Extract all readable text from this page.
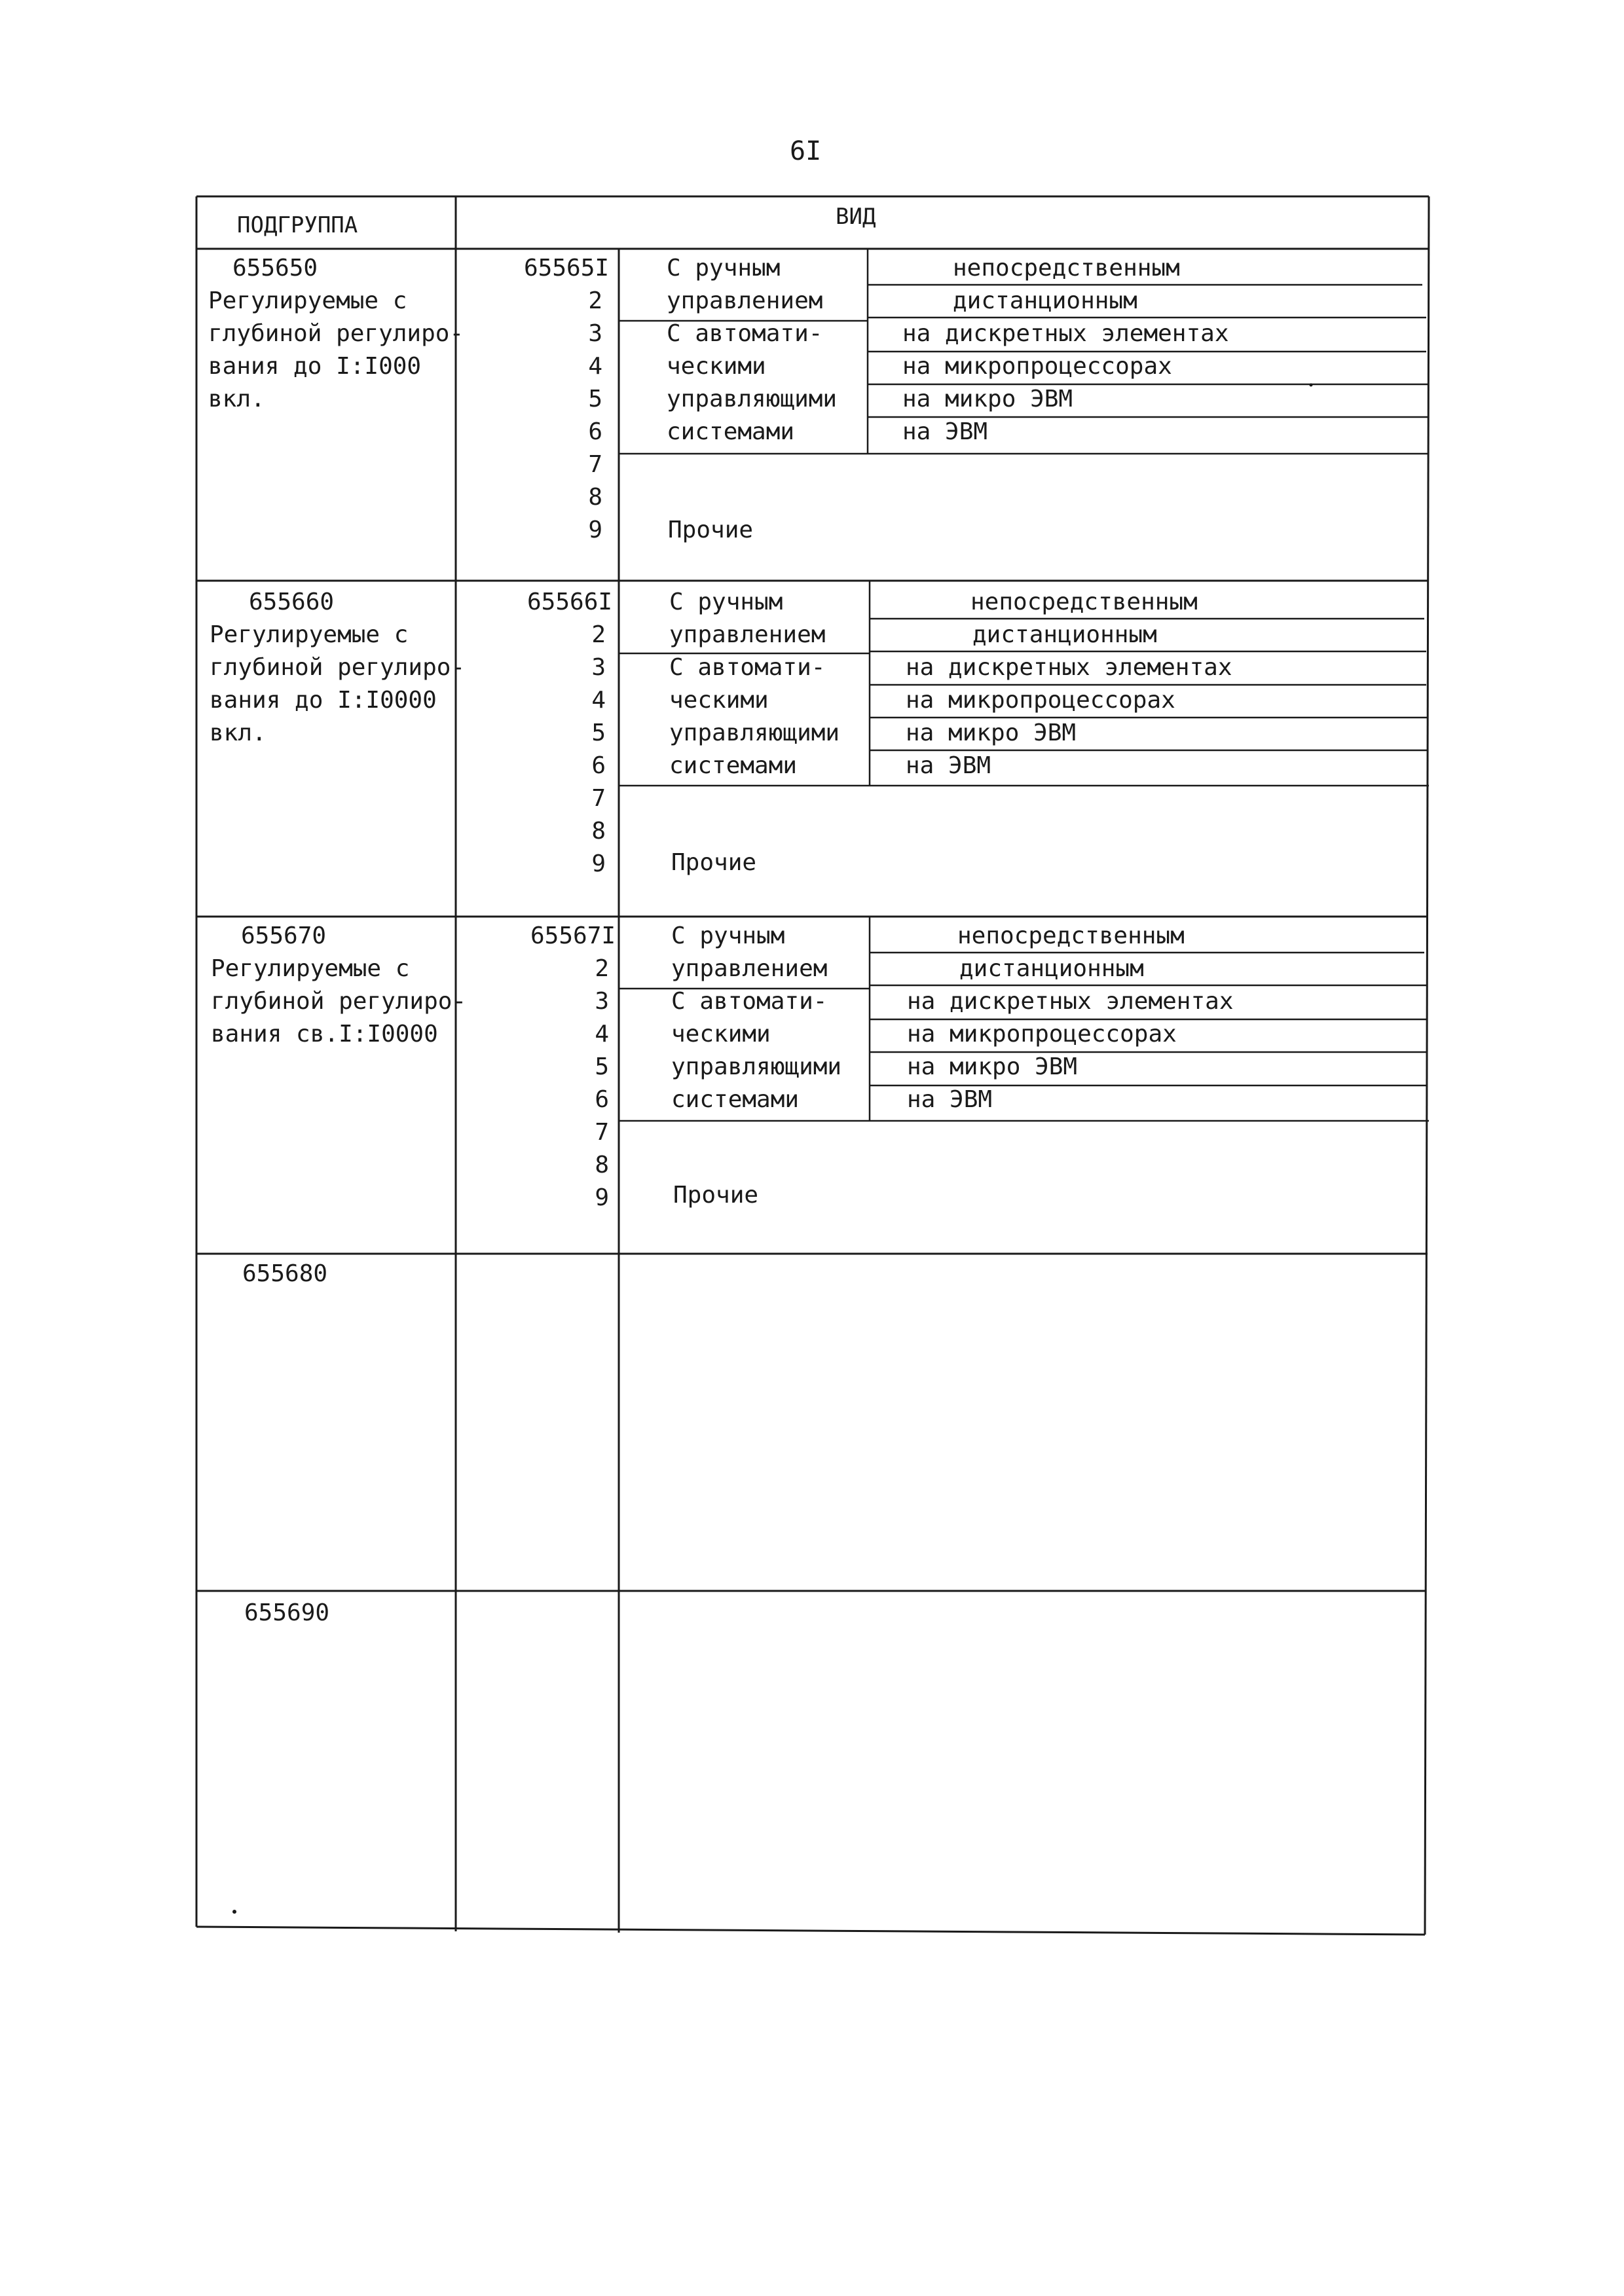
6I
ПОДГРУППА	ВИД
655650
Регулируемые с
глубиной регулиро-
вания до I:I000
вкл.
65565I
2
3
4
5
6
7
8
9
С ручным
управлением
С автомати-
ческими
управляющими
системами
непосредственным
дистанционным
на дискретных элементах
на микропроцессорах
на микро ЭВМ
на ЭВМ
Прочие
655660
Регулируемые с
глубиной регулиро-
вания до I:I0000
вкл.
65566I
2
3
4
5
6
7
8
9
С ручным
управлением
С автомати-
ческими
управляющими
системами
непосредственным
дистанционным
на дискретных элементах
на микропроцессорах
на микро ЭВМ
на ЭВМ
Прочие
655670
Регулируемые с
глубиной регулиро-
вания св.I:I0000
65567I
2
3
4
5
6
7
8
9
С ручным
управлением
С автомати-
ческими
управляющими
системами
непосредственным
дистанционным
на дискретных элементах
на микропроцессорах
на микро ЭВМ
на ЭВМ
Прочие
655680
655690
